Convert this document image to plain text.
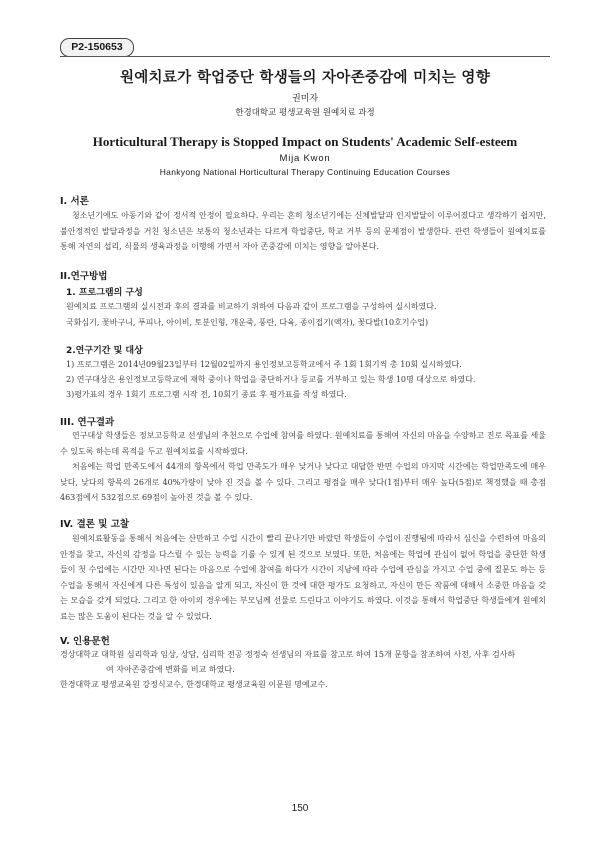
P2-150653
원예치료가 학업중단 학생들의 자아존중감에 미치는 영향
권미자
한경대학교 평생교육원 원예치료 과정
Horticultural Therapy is Stopped Impact on Students' Academic Self-esteem
Mija Kwon
Hankyong National Horticultural Therapy Continuing Education Courses
I. 서론

청소년기에도 아동기와 같이 정서적 안정이 필요하다. 우리는 흔히 청소년기에는 신체발달과 인지발달이 이루어졌다고 생각하기 쉽지만, 불안정적인 발달과정을 거친 청소년은 보통의 청소년과는 다르게 학업중단, 학교 거부 등의 문제점이 발생한다. 관련 학생들이 원예치료를 통해 자연의 섭리, 식물의 생육과정을 이행해 가면서 자아 존중감에 미치는 영향을 알아본다.

II.연구방법
1. 프로그램의 구성
원예치료 프로그램의 실시전과 후의 결과를 비교하기 위하여 다음과 같이 프로그램을 구성하여 실시하였다.
국화심기, 꽃바구니, 푸피나, 아이비, 토분인형, 개운죽, 풍란, 다육, 종이접기(액자), 꽃다발(10호기수업)
2.연구기간 및 대상
1) 프로그램은 2014년09월23일부터 12월02일까지 용인정보고등학교에서 주 1회 1회기씩 총 10회 실시하였다.
2) 연구대상은 용인정보고등학교에 재학 중이나 학업을 중단하거나 등교를 거부하고 있는 학생 10명 대상으로 하였다.
3)평가표의 경우 1회기 프로그램 시작 전, 10회기 종료 후 평가표를 작성 하였다.
III. 연구결과

연구대상 학생들은 정보고등학교 선생님의 추천으로 수업에 참여를 하였다. 원예치료를 통해여 자신의 마음을 수양하고 진로 목표를 세울 수 있도록 하는데 목적을 두고 원예치료를 시작하였다.

처음에는 학업 만족도에서 44개의 항목에서 학업 만족도가 매우 낮거나 낮다고 대답한 반면 수업의 마지막 시간에는 학업만족도에 매우 낮다, 낮다의 항목의 26개로 40%가량이 낮아 진 것을 볼 수 있다. 그리고 평점을 매우 낮다(1점)부터 매우 높다(5점)로 책정했을 때 총점 463점에서 532점으로 69점이 높아진 것을 볼 수 있다.

IV. 결론 및 고찰

원예치료활동을 통해서 처음에는 산만하고 수업 시간이 빨리 끝나기만 바랐던 학생들이 수업이 진행됨에 따라서 심신을 수련하여 마음의 안정을 찾고, 자신의 감정을 다스릴 수 있는 능력을 기를 수 있게 된 것으로 보였다. 또한, 처음에는 학업에 관심이 없어 학업을 중단한 학생들이 첫 수업에는 시간만 지나면 된다는 마음으로 수업에 참여를 하다가 시간이 지남에 따라 수업에 관심을 가지고 수업 중에 질문도 하는 등 수업을 통해서 자신에게 다른 특성이 있음을 알게 되고, 자신이 한 것에 대한 평가도 요청하고, 자신이 만든 작품에 대해서 소중한 마음을 갖는 모습을 갖게 되었다. 그리고 한 아이의 경우에는 부모님께 선물로 드린다고 이야기도 하였다. 이것을 통해서 학업중단 학생들에게 원예치료는 많은 도움이 된다는 것을 알 수 있었다.

V. 인용문헌
경상대학교 대학원 심리학과 임상, 상담, 심리학 전공 정정숙 선생님의 자료를 참고로 하여 15개 문항을 참조하여 사전, 사후 검사하
여 자아존중감에 변화를 비교 하였다.
한경대학교 평생교육원 강정식교수, 한경대학교 평생교육원 이문원 명예교수.
150
